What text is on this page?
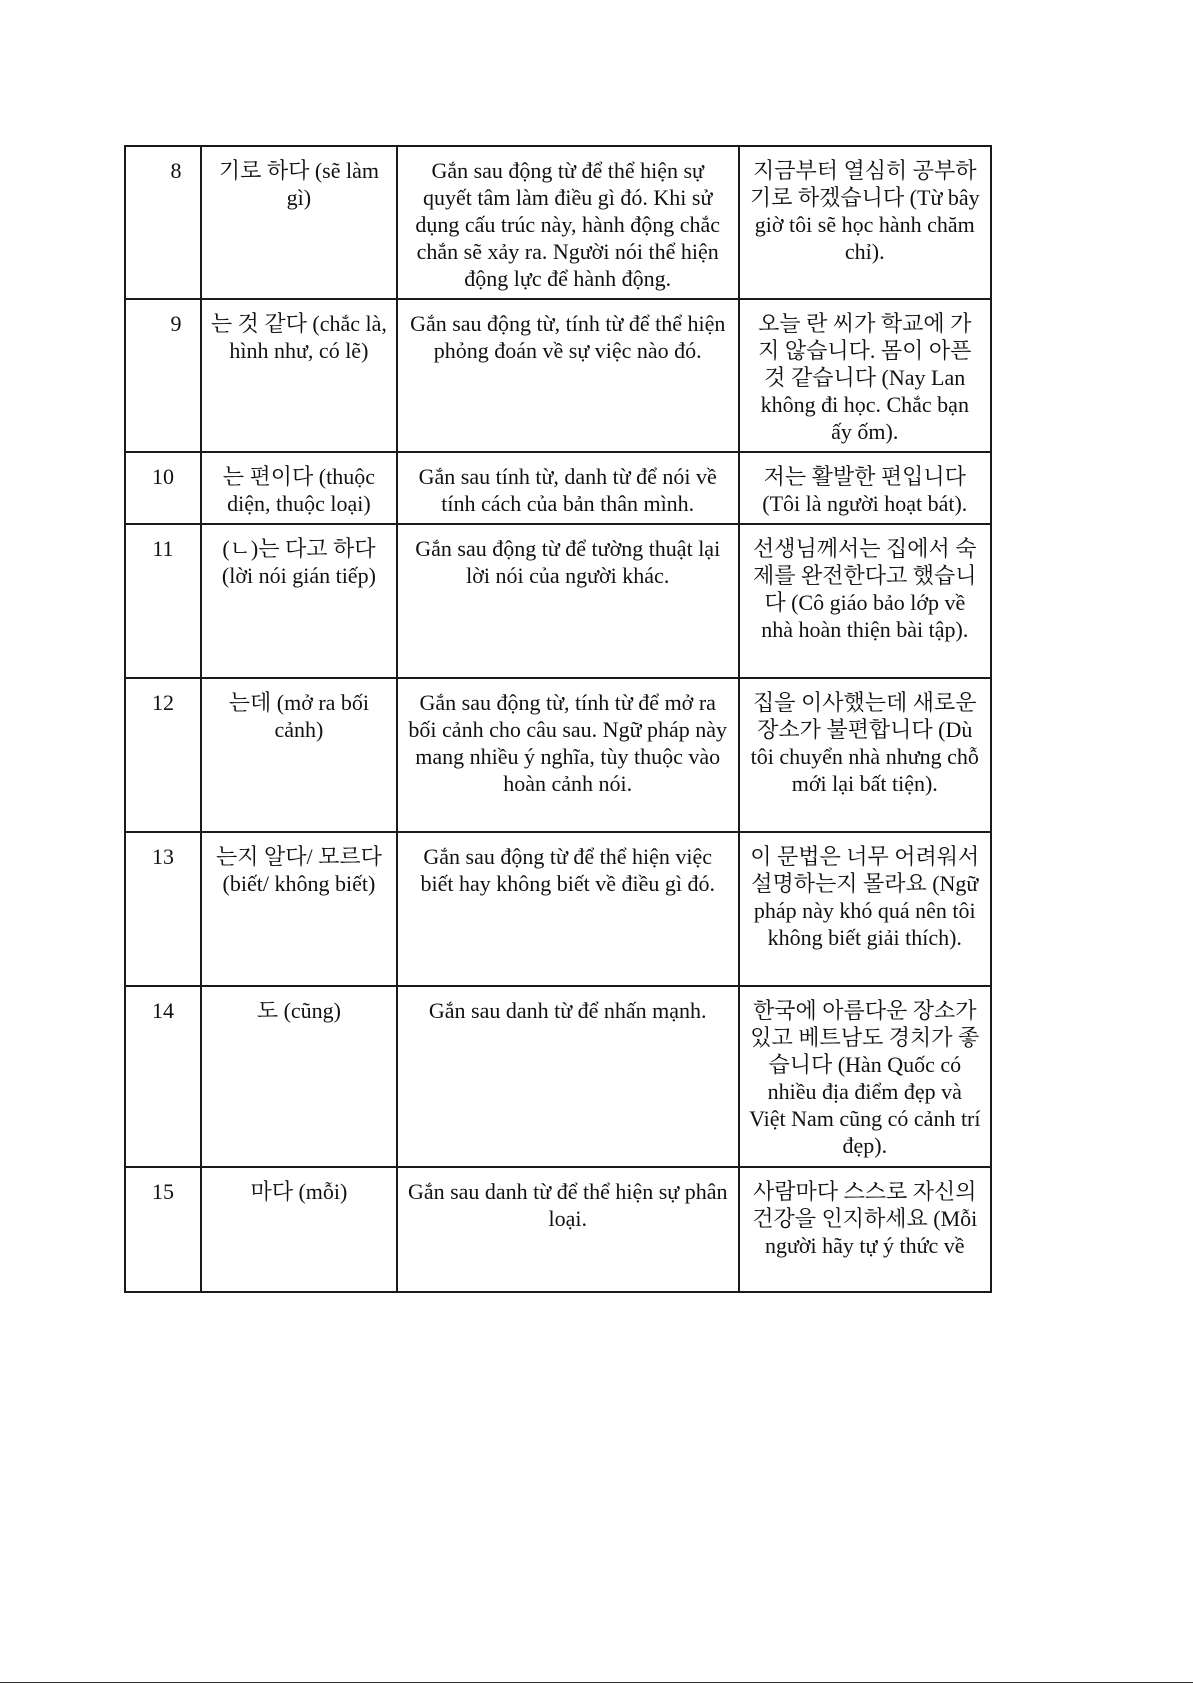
8	기로 하다 (sẽ làm gì)	Gắn sau động từ để thể hiện sự quyết tâm làm điều gì đó. Khi sử dụng cấu trúc này, hành động chắc chắn sẽ xảy ra. Người nói thể hiện động lực để hành động.	지금부터 열심히 공부하기로 하겠습니다 (Từ bây giờ tôi sẽ học hành chăm chỉ).
9	는 것 같다 (chắc là, hình như, có lẽ)	Gắn sau động từ, tính từ để thể hiện phỏng đoán về sự việc nào đó.	오늘 란 씨가 학교에 가지 않습니다. 몸이 아픈 것 같습니다 (Nay Lan không đi học. Chắc bạn ấy ốm).
10	는 편이다 (thuộc diện, thuộc loại)	Gắn sau tính từ, danh từ để nói về tính cách của bản thân mình.	저는 활발한 편입니다 (Tôi là người hoạt bát).
11	(ㄴ)는 다고 하다 (lời nói gián tiếp)	Gắn sau động từ để tường thuật lại lời nói của người khác.	선생님께서는 집에서 숙제를 완전한다고 했습니다 (Cô giáo bảo lớp về nhà hoàn thiện bài tập).
12	는데 (mở ra bối cảnh)	Gắn sau động từ, tính từ để mở ra bối cảnh cho câu sau. Ngữ pháp này mang nhiều ý nghĩa, tùy thuộc vào hoàn cảnh nói.	집을 이사했는데 새로운 장소가 불편합니다 (Dù tôi chuyển nhà nhưng chỗ mới lại bất tiện).
13	는지 알다/ 모르다 (biết/ không biết)	Gắn sau động từ để thể hiện việc biết hay không biết về điều gì đó.	이 문법은 너무 어려워서 설명하는지 몰라요 (Ngữ pháp này khó quá nên tôi không biết giải thích).
14	도 (cũng)	Gắn sau danh từ để nhấn mạnh.	한국에 아름다운 장소가 있고 베트남도 경치가 좋습니다 (Hàn Quốc có nhiều địa điểm đẹp và Việt Nam cũng có cảnh trí đẹp).
15	마다 (mỗi)	Gắn sau danh từ để thể hiện sự phân loại.	사람마다 스스로 자신의 건강을 인지하세요 (Mỗi người hãy tự ý thức về
